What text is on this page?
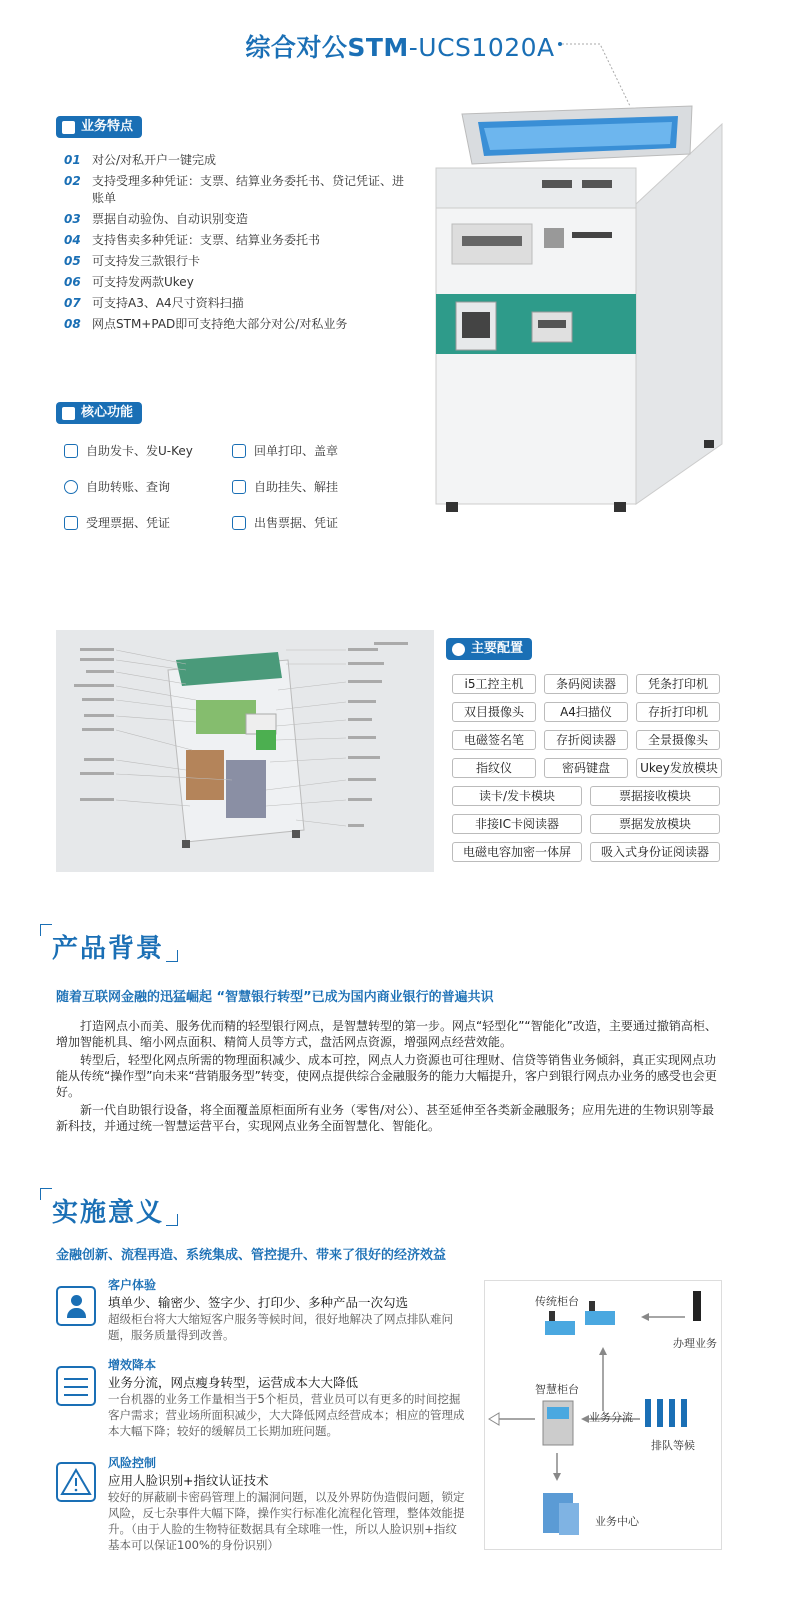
综合对公STM-UCS1020A
业务特点
01 对公/对私开户一键完成
02 支持受理多种凭证：支票、结算业务委托书、贷记凭证、进账单
03 票据自动验伪、自动识别变造
04 支持售卖多种凭证：支票、结算业务委托书
05 可支持发三款银行卡
06 可支持发两款Ukey
07 可支持A3、A4尺寸资料扫描
08 网点STM+PAD即可支持绝大部分对公/对私业务
核心功能
自助发卡、发U-Key	回单打印、盖章
自助转账、查询	自助挂失、解挂
受理票据、凭证	出售票据、凭证
主要配置
i5工控主机	条码阅读器	凭条打印机
双目摄像头	A4扫描仪	存折打印机
电磁签名笔	存折阅读器	全景摄像头
指纹仪	密码键盘	Ukey发放模块
读卡/发卡模块	票据接收模块
非接IC卡阅读器	票据发放模块
电磁电容加密一体屏	吸入式身份证阅读器
产品背景
随着互联网金融的迅猛崛起 “智慧银行转型”已成为国内商业银行的普遍共识

打造网点小而美、服务优而精的轻型银行网点，是智慧转型的第一步。网点“轻型化”“智能化”改造，主要通过撤销高柜、增加智能机具、缩小网点面积、精简人员等方式，盘活网点资源，增强网点经营效能。

转型后，轻型化网点所需的物理面积减少、成本可控，网点人力资源也可往理财、信贷等销售业务倾斜，真正实现网点功能从传统“操作型”向未来“营销服务型”转变，使网点提供综合金融服务的能力大幅提升，客户到银行网点办业务的感受也会更好。

新一代自助银行设备，将全面覆盖原柜面所有业务（零售/对公）、甚至延伸至各类新金融服务；应用先进的生物识别等最新科技，并通过统一智慧运营平台，实现网点业务全面智慧化、智能化。

实施意义
金融创新、流程再造、系统集成、管控提升、带来了很好的经济效益
客户体验
填单少、输密少、签字少、打印少、多种产品一次勾选
超级柜台将大大缩短客户服务等候时间，很好地解决了网点排队难问题，服务质量得到改善。
增效降本
业务分流，网点瘦身转型，运营成本大大降低
一台机器的业务工作量相当于5个柜员，营业员可以有更多的时间挖掘客户需求；营业场所面积减少，大大降低网点经营成本；相应的管理成本大幅下降；较好的缓解员工长期加班问题。
风险控制
应用人脸识别+指纹认证技术
较好的屏蔽刷卡密码管理上的漏洞问题，以及外界防伪造假问题，锁定风险，反七杂事件大幅下降，操作实行标准化流程化管理，整体效能提升。（由于人脸的生物特征数据具有全球唯一性，所以人脸识别+指纹基本可以保证100%的身份识别）
传统柜台
办理业务
智慧柜台
业务分流
排队等候
业务中心
